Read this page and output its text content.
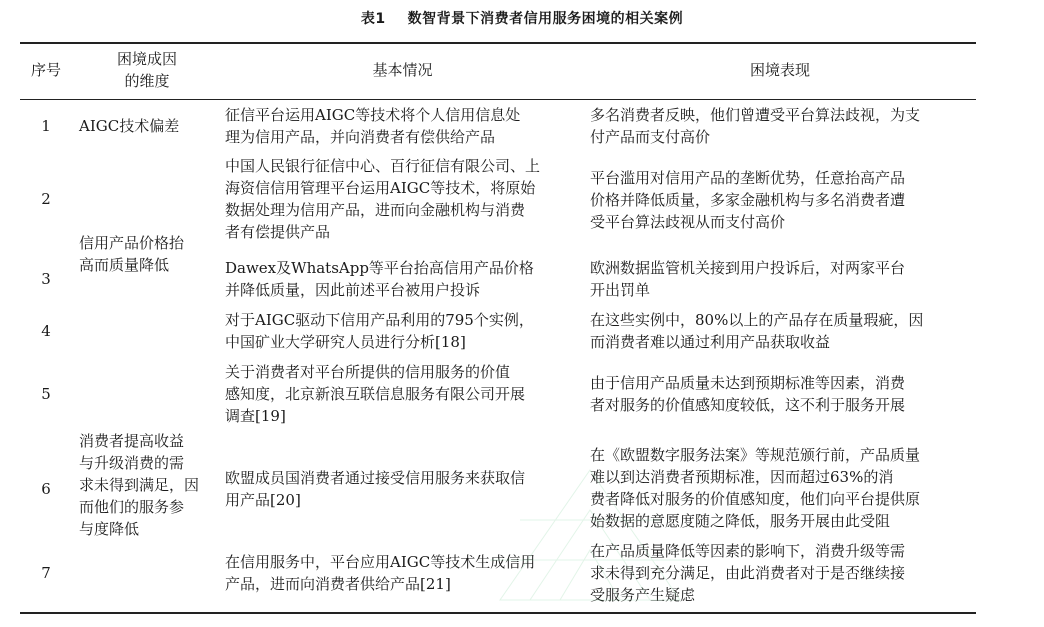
表1 数智背景下消费者信用服务困境的相关案例
序号
困境成因
的维度
基本情况	困境表现
AIGC技术偏差
信用产品价格抬
高而质量降低
消费者提高收益
与升级消费的需
求未得到满足，因
而他们的服务参
与度降低
1
征信平台运用AIGC等技术将个人信用信息处
理为信用产品，并向消费者有偿供给产品
多名消费者反映，他们曾遭受平台算法歧视，为支
付产品而支付高价
2
中国人民银行征信中心、百行征信有限公司、上
海资信信用管理平台运用AIGC等技术，将原始
数据处理为信用产品，进而向金融机构与消费
者有偿提供产品
平台滥用对信用产品的垄断优势，任意抬高产品
价格并降低质量，多家金融机构与多名消费者遭
受平台算法歧视从而支付高价
3
Dawex及WhatsApp等平台抬高信用产品价格
并降低质量，因此前述平台被用户投诉
欧洲数据监管机关接到用户投诉后，对两家平台
开出罚单
4
对于AIGC驱动下信用产品利用的795个实例，
中国矿业大学研究人员进行分析[18]
在这些实例中，80%以上的产品存在质量瑕疵，因
而消费者难以通过利用产品获取收益
5
关于消费者对平台所提供的信用服务的价值
感知度，北京新浪互联信息服务有限公司开展
调查[19]
由于信用产品质量未达到预期标准等因素，消费
者对服务的价值感知度较低，这不利于服务开展
6
欧盟成员国消费者通过接受信用服务来获取信
用产品[20]
在《欧盟数字服务法案》等规范颁行前，产品质量
难以到达消费者预期标准，因而超过63%的消
费者降低对服务的价值感知度，他们向平台提供原
始数据的意愿度随之降低，服务开展由此受阻
7
在信用服务中，平台应用AIGC等技术生成信用
产品，进而向消费者供给产品[21]
在产品质量降低等因素的影响下，消费升级等需
求未得到充分满足，由此消费者对于是否继续接
受服务产生疑虑
